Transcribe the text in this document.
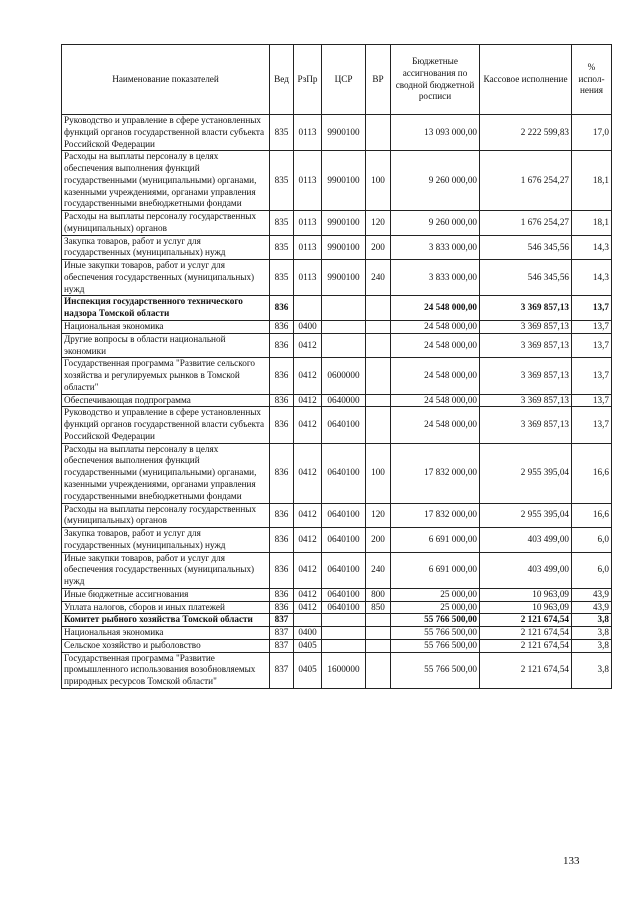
Наименование показателей	Вед	РзПр	ЦСР	ВР	Бюджетные ассигнования по сводной бюджетной росписи	Кассовое исполнение	% испол-нения
Руководство и управление в сфере установленных функций органов государственной власти субъекта Российской Федерации	835	0113	9900100		13 093 000,00	2 222 599,83	17,0
Расходы на выплаты персоналу в целях обеспечения выполнения функций государственными (муниципальными) органами, казенными учреждениями, органами управления государственными внебюджетными фондами	835	0113	9900100	100	9 260 000,00	1 676 254,27	18,1
Расходы на выплаты персоналу государственных (муниципальных) органов	835	0113	9900100	120	9 260 000,00	1 676 254,27	18,1
Закупка товаров, работ и услуг для государственных (муниципальных) нужд	835	0113	9900100	200	3 833 000,00	546 345,56	14,3
Иные закупки товаров, работ и услуг для обеспечения государственных (муниципальных) нужд	835	0113	9900100	240	3 833 000,00	546 345,56	14,3
Инспекция государственного технического надзора Томской области	836				24 548 000,00	3 369 857,13	13,7
Национальная экономика	836	0400			24 548 000,00	3 369 857,13	13,7
Другие вопросы в области национальной экономики	836	0412			24 548 000,00	3 369 857,13	13,7
Государственная программа "Развитие сельского хозяйства и регулируемых рынков в Томской области"	836	0412	0600000		24 548 000,00	3 369 857,13	13,7
Обеспечивающая подпрограмма	836	0412	0640000		24 548 000,00	3 369 857,13	13,7
Руководство и управление в сфере установленных функций органов государственной власти субъекта Российской Федерации	836	0412	0640100		24 548 000,00	3 369 857,13	13,7
Расходы на выплаты персоналу в целях обеспечения выполнения функций государственными (муниципальными) органами, казенными учреждениями, органами управления государственными внебюджетными фондами	836	0412	0640100	100	17 832 000,00	2 955 395,04	16,6
Расходы на выплаты персоналу государственных (муниципальных) органов	836	0412	0640100	120	17 832 000,00	2 955 395,04	16,6
Закупка товаров, работ и услуг для государственных (муниципальных) нужд	836	0412	0640100	200	6 691 000,00	403 499,00	6,0
Иные закупки товаров, работ и услуг для обеспечения государственных (муниципальных) нужд	836	0412	0640100	240	6 691 000,00	403 499,00	6,0
Иные бюджетные ассигнования	836	0412	0640100	800	25 000,00	10 963,09	43,9
Уплата налогов, сборов и иных платежей	836	0412	0640100	850	25 000,00	10 963,09	43,9
Комитет рыбного хозяйства Томской области	837				55 766 500,00	2 121 674,54	3,8
Национальная экономика	837	0400			55 766 500,00	2 121 674,54	3,8
Сельское хозяйство и рыболовство	837	0405			55 766 500,00	2 121 674,54	3,8
Государственная программа "Развитие промышленного использования возобновляемых природных ресурсов Томской области"	837	0405	1600000		55 766 500,00	2 121 674,54	3,8
133
